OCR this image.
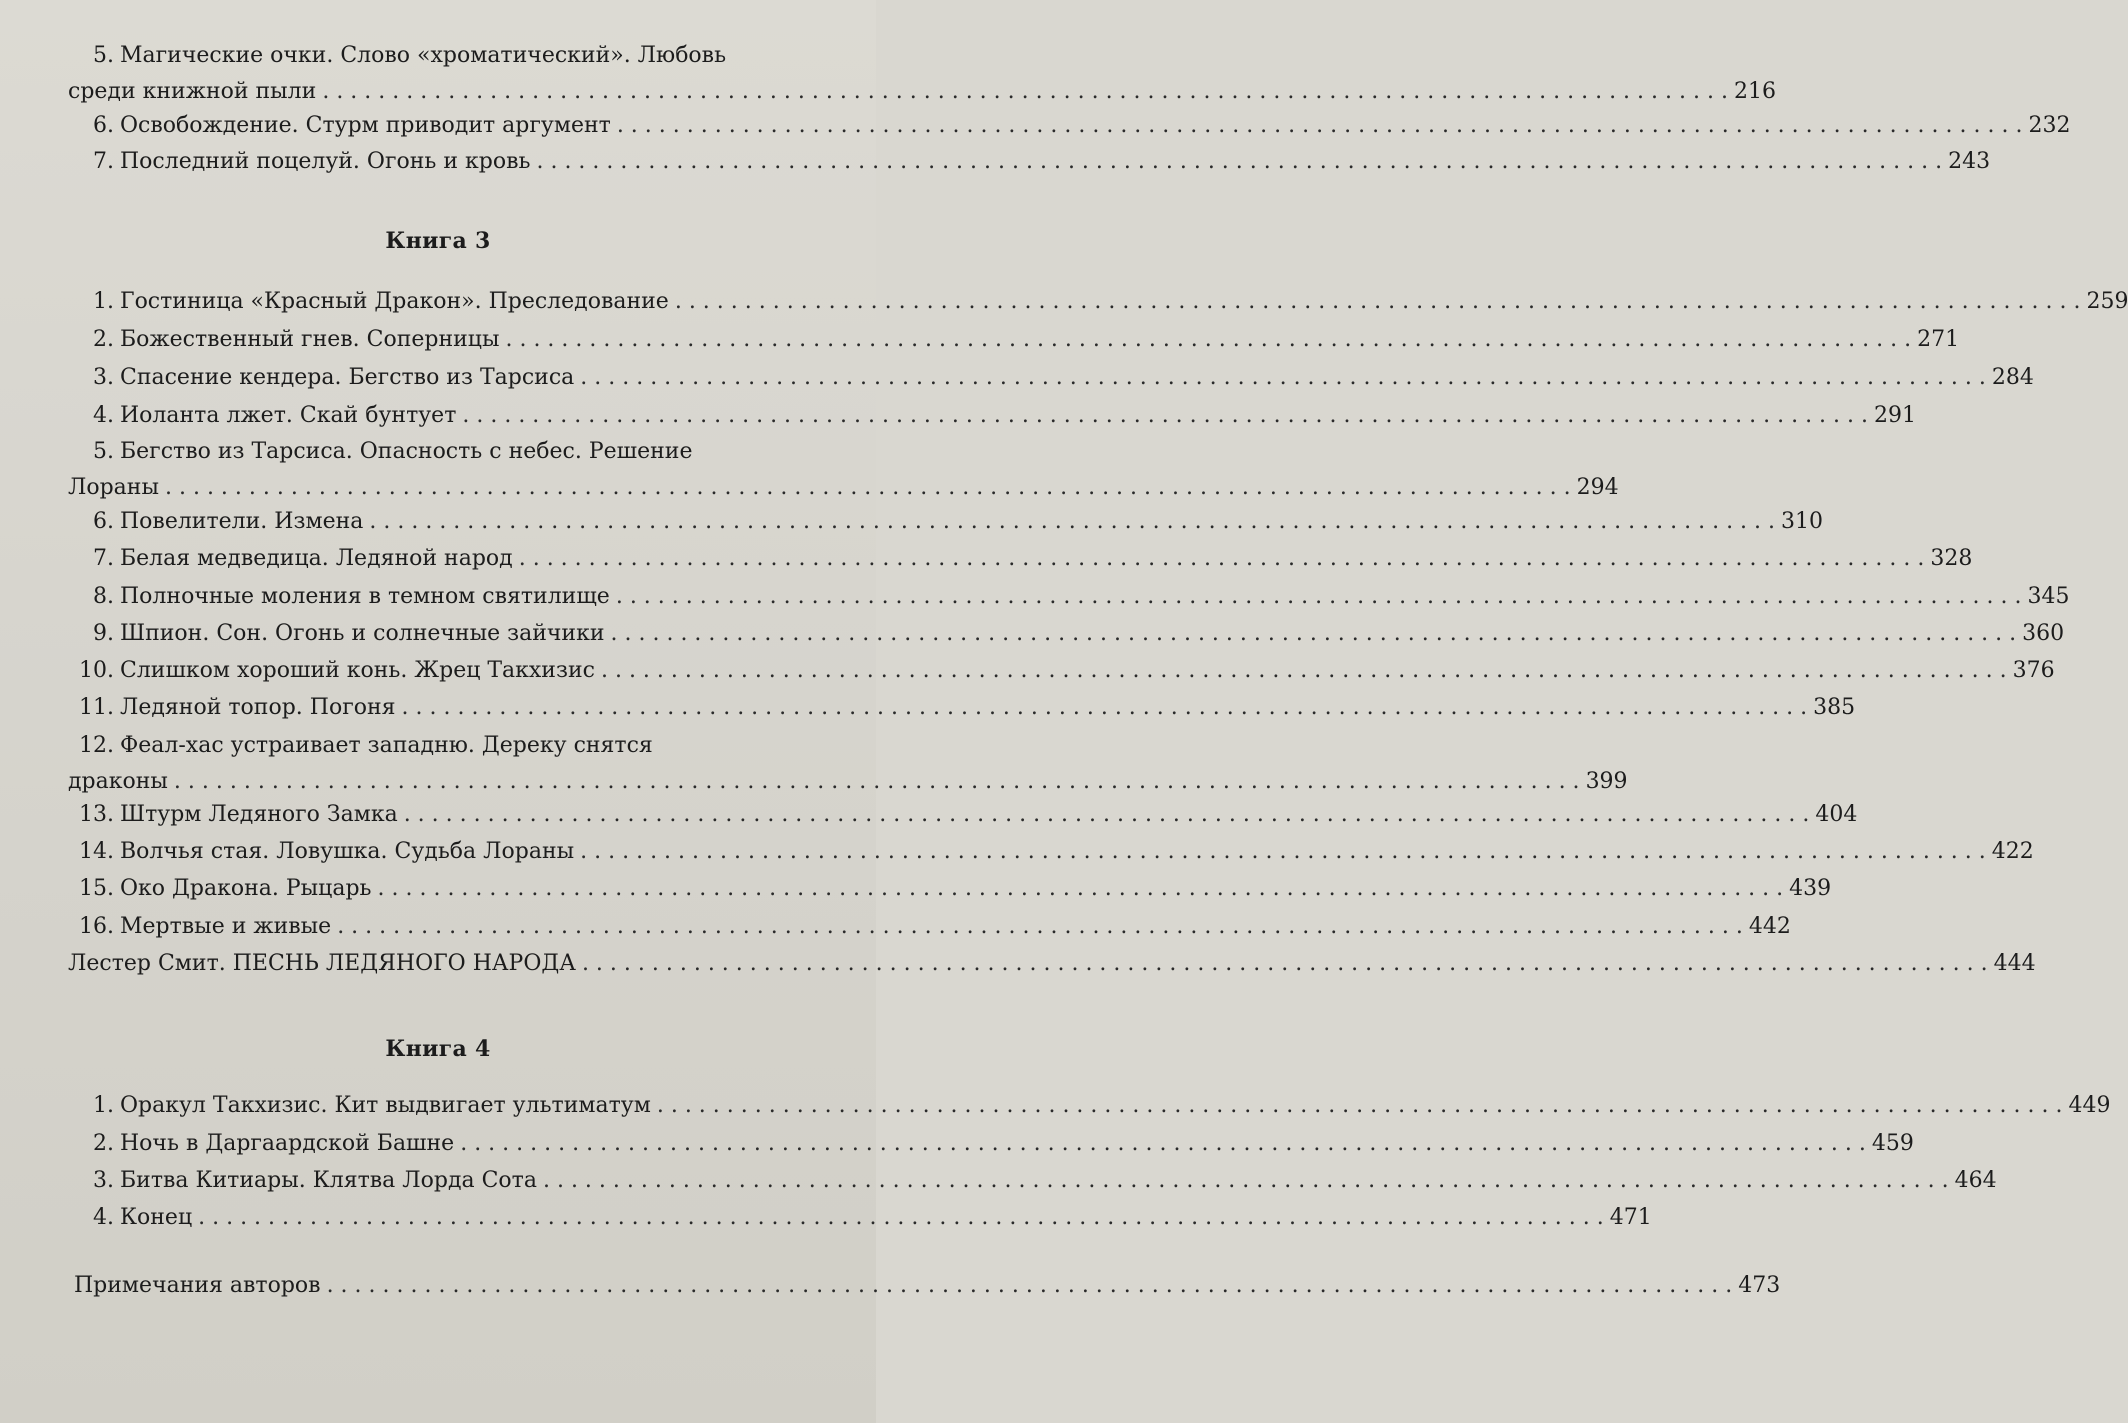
5. Магические очки. Слово «хроматический». Любовь
среди книжной пыли . . .	216
6. Освобождение. Стурм приводит аргумент . . .	232
7. Последний поцелуй. Огонь и кровь . . .	243
Книга 3
1. Гостиница «Красный Дракон». Преследование . . .	259
2. Божественный гнев. Соперницы . . .	271
3. Спасение кендера. Бегство из Тарсиса . . .	284
4. Иоланта лжет. Скай бунтует . . .	291
5. Бегство из Тарсиса. Опасность с небес. Решение
Лораны . . .	294
6. Повелители. Измена . . .	310
7. Белая медведица. Ледяной народ . . .	328
8. Полночные моления в темном святилище . . .	345
9. Шпион. Сон. Огонь и солнечные зайчики . . .	360
10. Слишком хороший конь. Жрец Такхизис . . .	376
11. Ледяной топор. Погоня . . .	385
12. Феал-хас устраивает западню. Дереку снятся
драконы . . .	399
13. Штурм Ледяного Замка . . .	404
14. Волчья стая. Ловушка. Судьба Лораны . . .	422
15. Око Дракона. Рыцарь . . .	439
16. Мертвые и живые . . .	442
Лестер Смит. ПЕСНЬ ЛЕДЯНОГО НАРОДА . . .	444
Книга 4
1. Оракул Такхизис. Кит выдвигает ультиматум . . .	449
2. Ночь в Даргаардской Башне . . .	459
3. Битва Китиары. Клятва Лорда Сота . . .	464
4. Конец . . .	471
Примечания авторов . . .	473
